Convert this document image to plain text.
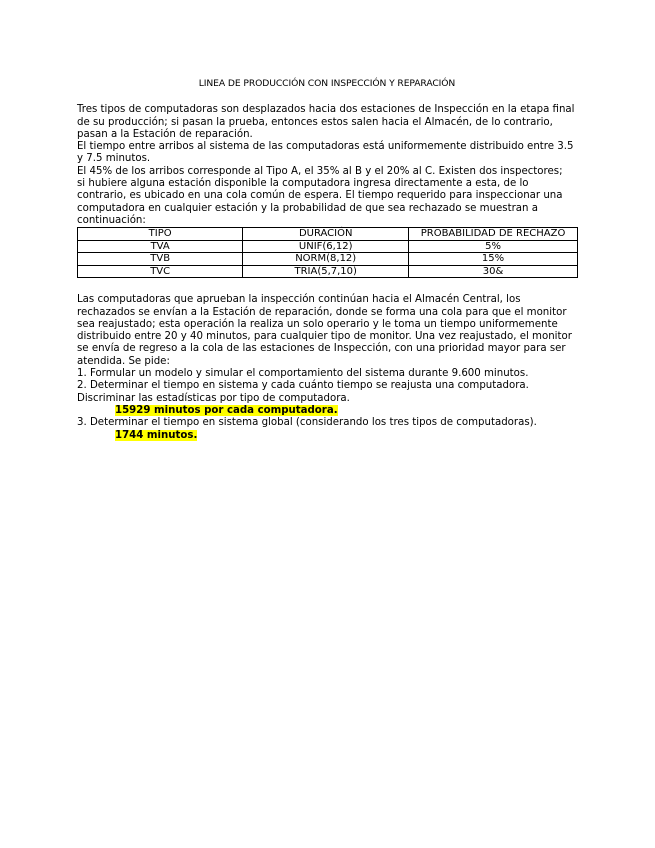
LINEA DE PRODUCCIÓN CON INSPECCIÓN Y REPARACIÓN

Tres tipos de computadoras son desplazados hacia dos estaciones de Inspección en la etapa final
de su producción; si pasan la prueba, entonces estos salen hacia el Almacén, de lo contrario,
pasan a la Estación de reparación.
El tiempo entre arribos al sistema de las computadoras está uniformemente distribuido entre 3.5
y 7.5 minutos.
El 45% de los arribos corresponde al Tipo A, el 35% al B y el 20% al C. Existen dos inspectores;
si hubiere alguna estación disponible la computadora ingresa directamente a esta, de lo
contrario, es ubicado en una cola común de espera. El tiempo requerido para inspeccionar una
computadora en cualquier estación y la probabilidad de que sea rechazado se muestran a
continuación:

TIPO	DURACIÓN	PROBABILIDAD DE RECHAZO
TVA	UNIF(6,12)	5%
TVB	NORM(8,12)	15%
TVC	TRIA(5,7,10)	30&

Las computadoras que aprueban la inspección continúan hacia el Almacén Central, los
rechazados se envían a la Estación de reparación, donde se forma una cola para que el monitor
sea reajustado; esta operación la realiza un solo operario y le toma un tiempo uniformemente
distribuido entre 20 y 40 minutos, para cualquier tipo de monitor. Una vez reajustado, el monitor
se envía de regreso a la cola de las estaciones de Inspección, con una prioridad mayor para ser
atendida. Se pide:
1. Formular un modelo y simular el comportamiento del sistema durante 9.600 minutos.
2. Determinar el tiempo en sistema y cada cuánto tiempo se reajusta una computadora.
Discriminar las estadísticas por tipo de computadora.
15929 minutos por cada computadora.
3. Determinar el tiempo en sistema global (considerando los tres tipos de computadoras).
1744 minutos.
